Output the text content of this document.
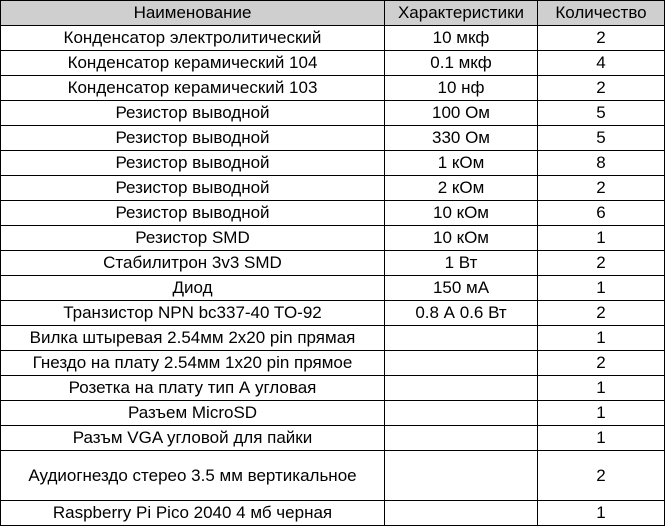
Наименование	Характеристики	Количество
Конденсатор электролитический	10 мкф	2
Конденсатор керамический 104	0.1 мкф	4
Конденсатор керамический 103	10 нф	2
Резистор выводной	100 Ом	5
Резистор выводной	330 Ом	5
Резистор выводной	1 кОм	8
Резистор выводной	2 кОм	2
Резистор выводной	10 кОм	6
Резистор SMD	10 кОм	1
Стабилитрон 3v3 SMD	1 Вт	2
Диод	150 мА	1
Транзистор NPN bc337-40 TO-92	0.8 А 0.6 Вт	2
Вилка штыревая 2.54мм 2x20 pin прямая		1
Гнездо на плату 2.54мм 1x20 pin прямое		2
Розетка на плату тип А угловая		1
Разъем MicroSD		1
Разъм VGA угловой для пайки		1
Аудиогнездо стерео 3.5 мм вертикальное		2
Raspberry Pi Pico 2040 4 мб черная		1
